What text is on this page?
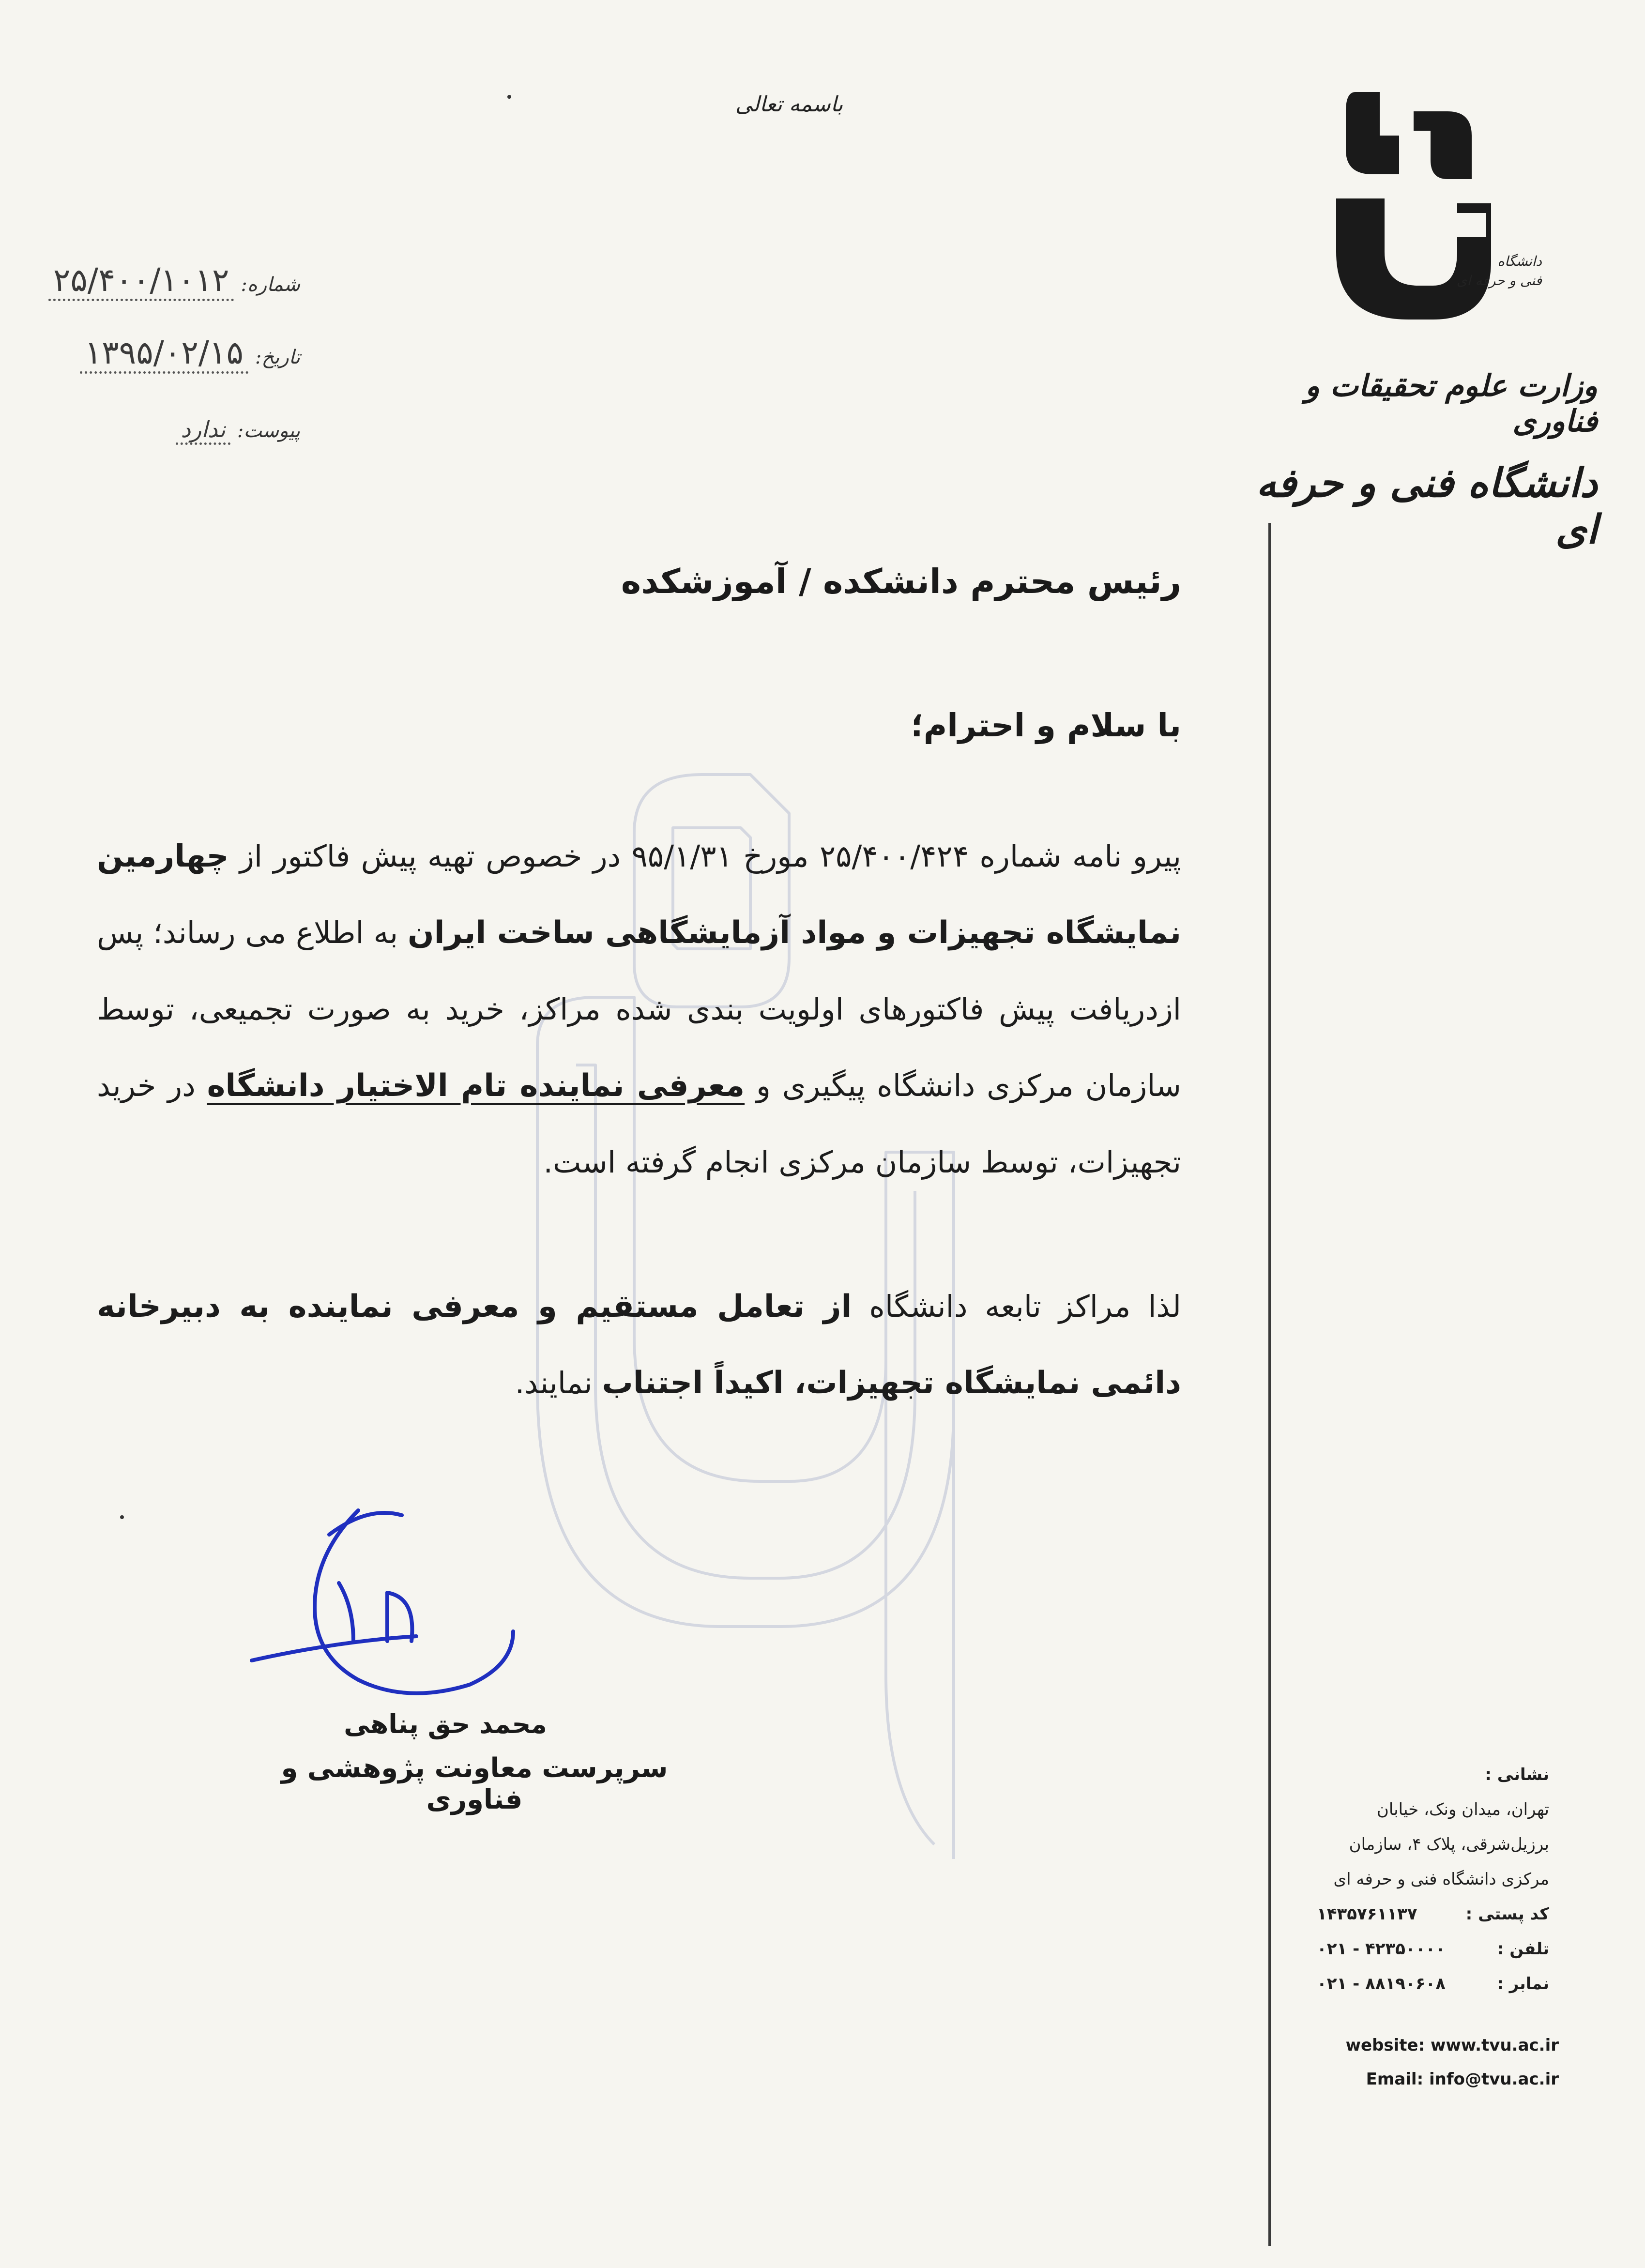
باسمه تعالی
دانشگاه
فنی و حرفه ای
وزارت علوم تحقیقات و فناوری
دانشگاه فنی و حرفه ای
شماره:
۲۵/۴۰۰/۱۰۱۲
تاریخ:
۱۳۹۵/۰۲/۱۵
پیوست:
ندارد
رئیس محترم دانشکده / آموزشکده
با سلام و احترام؛
پیرو نامه شماره ۲۵/۴۰۰/۴۲۴ مورخ ۹۵/۱/۳۱ در خصوص تهیه پیش فاکتور از چهارمین نمایشگاه تجهیزات و مواد آزمایشگاهی ساخت ایران به اطلاع می رساند؛ پس ازدریافت پیش فاکتورهای اولویت بندی شده مراکز، خرید به صورت تجمیعی، توسط سازمان مرکزی دانشگاه پیگیری و معرفی نماینده تام الاختیار دانشگاه در خرید تجهیزات، توسط سازمان مرکزی انجام گرفته است.
لذا مراکز تابعه دانشگاه از تعامل مستقیم و معرفی نماینده به دبیرخانه دائمی نمایشگاه تجهیزات، اکیداً اجتناب نمایند.
محمد حق پناهی
سرپرست معاونت پژوهشی و فناوری
نشانی :
تهران، میدان ونک، خیابان
برزیل‌شرقی، پلاک ۴، سازمان
مرکزی دانشگاه فنی و حرفه ای
کد پستی :
۱۴۳۵۷۶۱۱۳۷
تلفن :
۰۲۱ - ۴۲۳۵۰۰۰۰
نمابر :
۰۲۱ - ۸۸۱۹۰۶۰۸
website: www.tvu.ac.ir
Email: info@tvu.ac.ir
